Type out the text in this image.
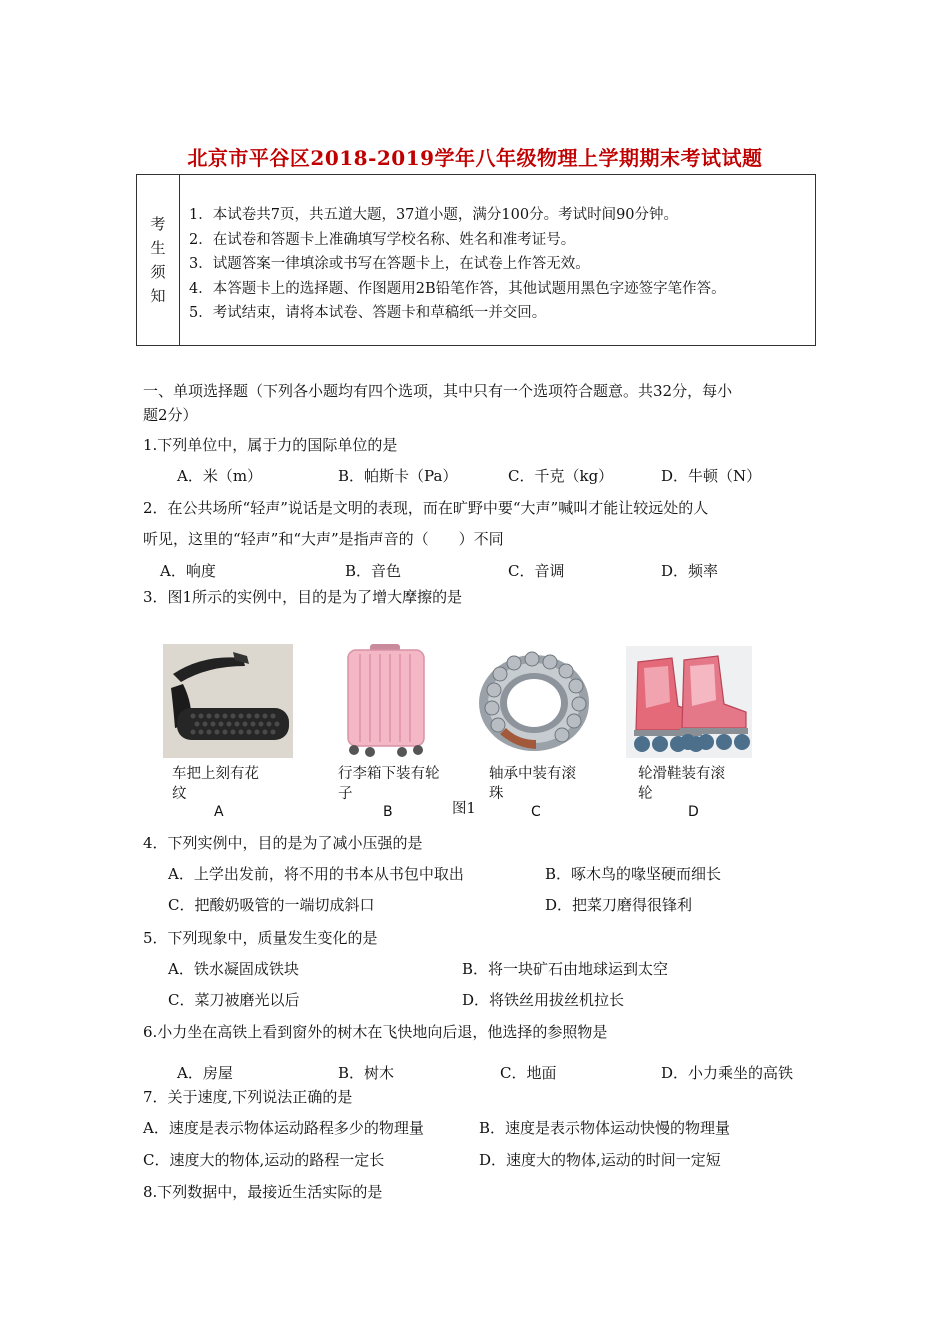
北京市平谷区2018-2019学年八年级物理上学期期末考试试题
考
生
须
知
1．本试卷共7页，共五道大题，37道小题，满分100分。考试时间90分钟。
2．在试卷和答题卡上准确填写学校名称、姓名和准考证号。
3．试题答案一律填涂或书写在答题卡上，在试卷上作答无效。
4．本答题卡上的选择题、作图题用2B铅笔作答，其他试题用黑色字迹签字笔作答。
5．考试结束，请将本试卷、答题卡和草稿纸一并交回。
一、单项选择题（下列各小题均有四个选项，其中只有一个选项符合题意。共32分，每小
题2分）
1.下列单位中，属于力的国际单位的是
A．米（m）	B．帕斯卡（Pa）	C．千克（kg）	D．牛顿（N）
2．在公共场所“轻声”说话是文明的表现，而在旷野中要“大声”喊叫才能让较远处的人
听见，这里的“轻声”和“大声”是指声音的（　　）不同
A．响度	B．音色	C．音调	D．频率
3．图1所示的实例中，目的是为了增大摩擦的是
车把上刻有花
纹
A
行李箱下装有轮
子
B	图1
轴承中装有滚
珠
C
轮滑鞋装有滚
轮
D
4．下列实例中，目的是为了减小压强的是
A．上学出发前，将不用的书本从书包中取出	B．啄木鸟的喙坚硬而细长
C．把酸奶吸管的一端切成斜口	D．把菜刀磨得很锋利
5．下列现象中，质量发生变化的是
A．铁水凝固成铁块	B．将一块矿石由地球运到太空
C．菜刀被磨光以后	D．将铁丝用拔丝机拉长
6.小力坐在高铁上看到窗外的树木在飞快地向后退，他选择的参照物是
A．房屋	B．树木	C．地面	D．小力乘坐的高铁
7．关于速度,下列说法正确的是
A．速度是表示物体运动路程多少的物理量	B．速度是表示物体运动快慢的物理量
C．速度大的物体,运动的路程一定长	D．速度大的物体,运动的时间一定短
8.下列数据中，最接近生活实际的是
